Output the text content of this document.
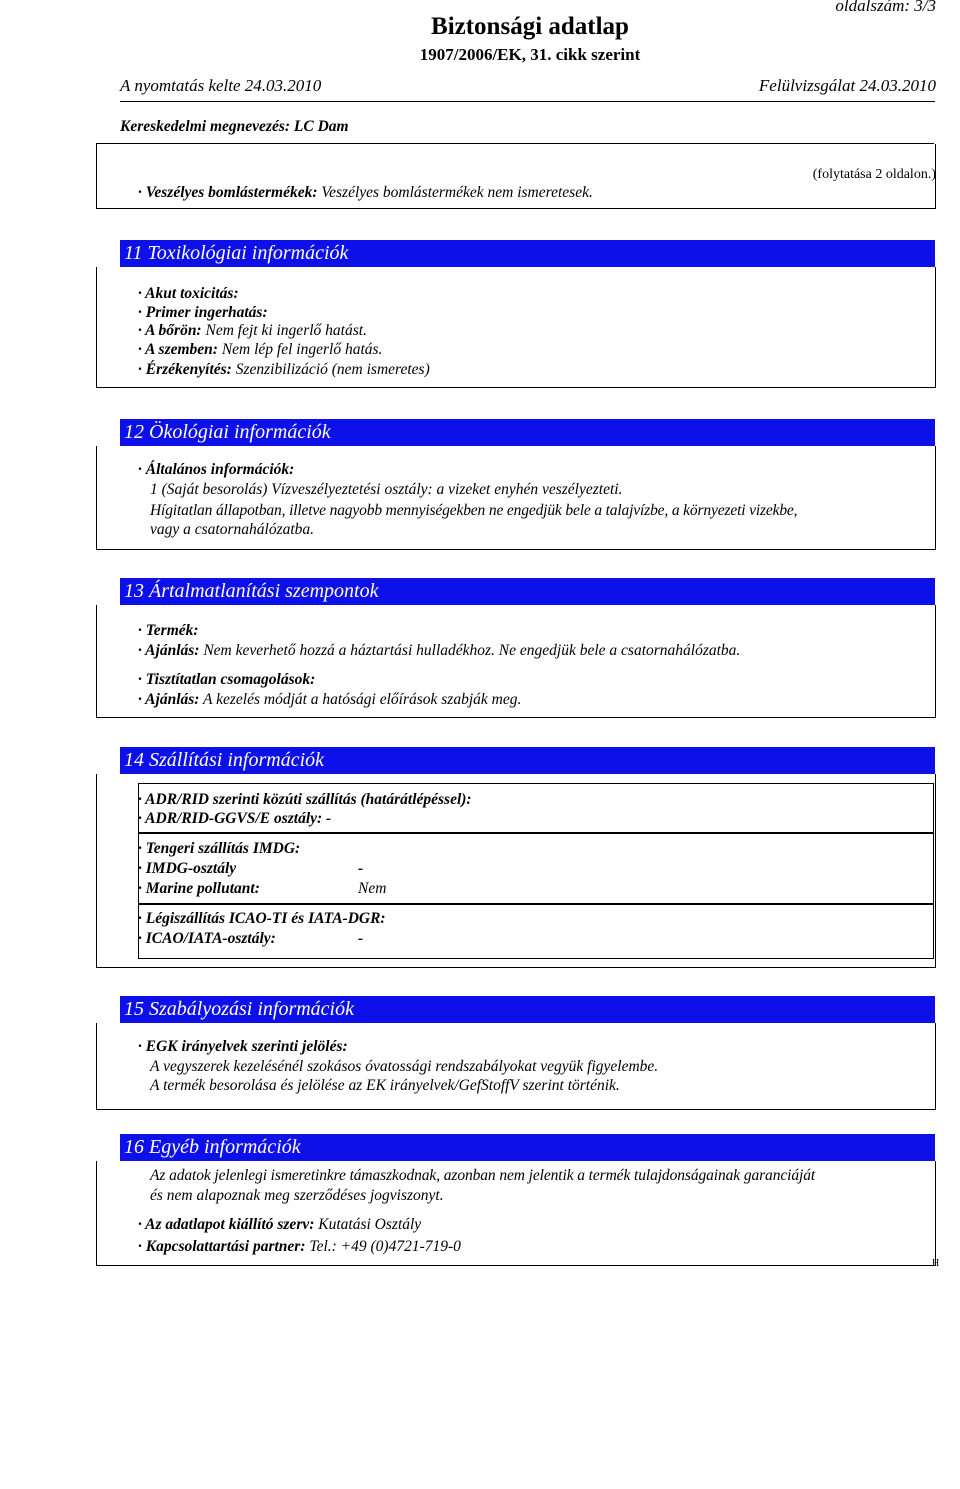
oldalszám: 3/3
Biztonsági adatlap
1907/2006/EK, 31. cikk szerint
A nyomtatás kelte 24.03.2010	Felülvizsgálat 24.03.2010
Kereskedelmi megnevezés: LC Dam
(folytatása 2 oldalon.)
· Veszélyes bomlástermékek: Veszélyes bomlástermékek nem ismeretesek.
11 Toxikológiai információk
· Akut toxicitás:
· Primer ingerhatás:
· A bőrön: Nem fejt ki ingerlő hatást.
· A szemben: Nem lép fel ingerlő hatás.
· Érzékenyítés: Szenzibilizáció (nem ismeretes)
12 Ökológiai információk
· Általános információk:
1 (Saját besorolás) Vízveszélyeztetési osztály: a vizeket enyhén veszélyezteti.
Hígitatlan állapotban, illetve nagyobb mennyiségekben ne engedjük bele a talajvízbe, a környezeti vizekbe,
vagy a csatornahálózatba.
13 Ártalmatlanítási szempontok
· Termék:
· Ajánlás: Nem keverhető hozzá a háztartási hulladékhoz. Ne engedjük bele a csatornahálózatba.
· Tisztítatlan csomagolások:
· Ajánlás: A kezelés módját a hatósági előírások szabják meg.
14 Szállítási információk
· ADR/RID szerinti közúti szállítás (határátlépéssel):
· ADR/RID-GGVS/E osztály: -
· Tengeri szállítás IMDG:
· IMDG-osztály	-
· Marine pollutant:	Nem
· Légiszállítás ICAO-TI és IATA-DGR:
· ICAO/IATA-osztály:	-
15 Szabályozási információk
· EGK irányelvek szerinti jelölés:
A vegyszerek kezelésénél szokásos óvatossági rendszabályokat vegyük figyelembe.
A termék besorolása és jelölése az EK irányelvek/GefStoffV szerint történik.
16 Egyéb információk
Az adatok jelenlegi ismeretinkre támaszkodnak, azonban nem jelentik a termék tulajdonságainak garanciáját
és nem alapoznak meg szerződéses jogviszonyt.
· Az adatlapot kiállító szerv: Kutatási Osztály
· Kapcsolattartási partner: Tel.: +49 (0)4721-719-0
H
